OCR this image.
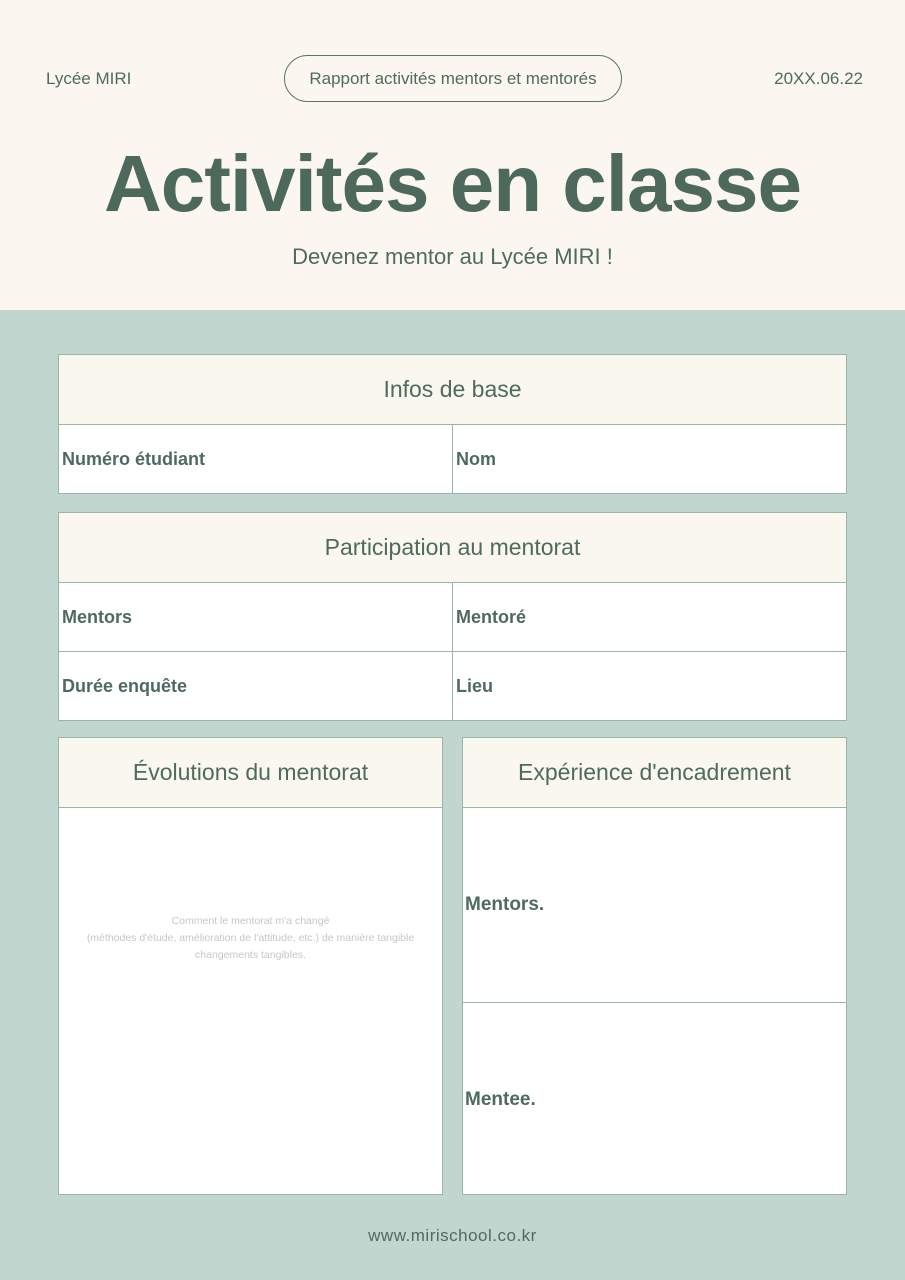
Lycée MIRI	Rapport activités mentors et mentorés	20XX.06.22
Activités en classe
Devenez mentor au Lycée MIRI !
Infos de base
Numéro étudiant	Nom
Participation au mentorat
Mentors	Mentoré
Durée enquête	Lieu
Évolutions du mentorat
Comment le mentorat m'a changé
(méthodes d'étude, amélioration de l'attitude, etc.) de manière tangible
changements tangibles.
Expérience d'encadrement
Mentors.
Mentee.
www.mirischool.co.kr
